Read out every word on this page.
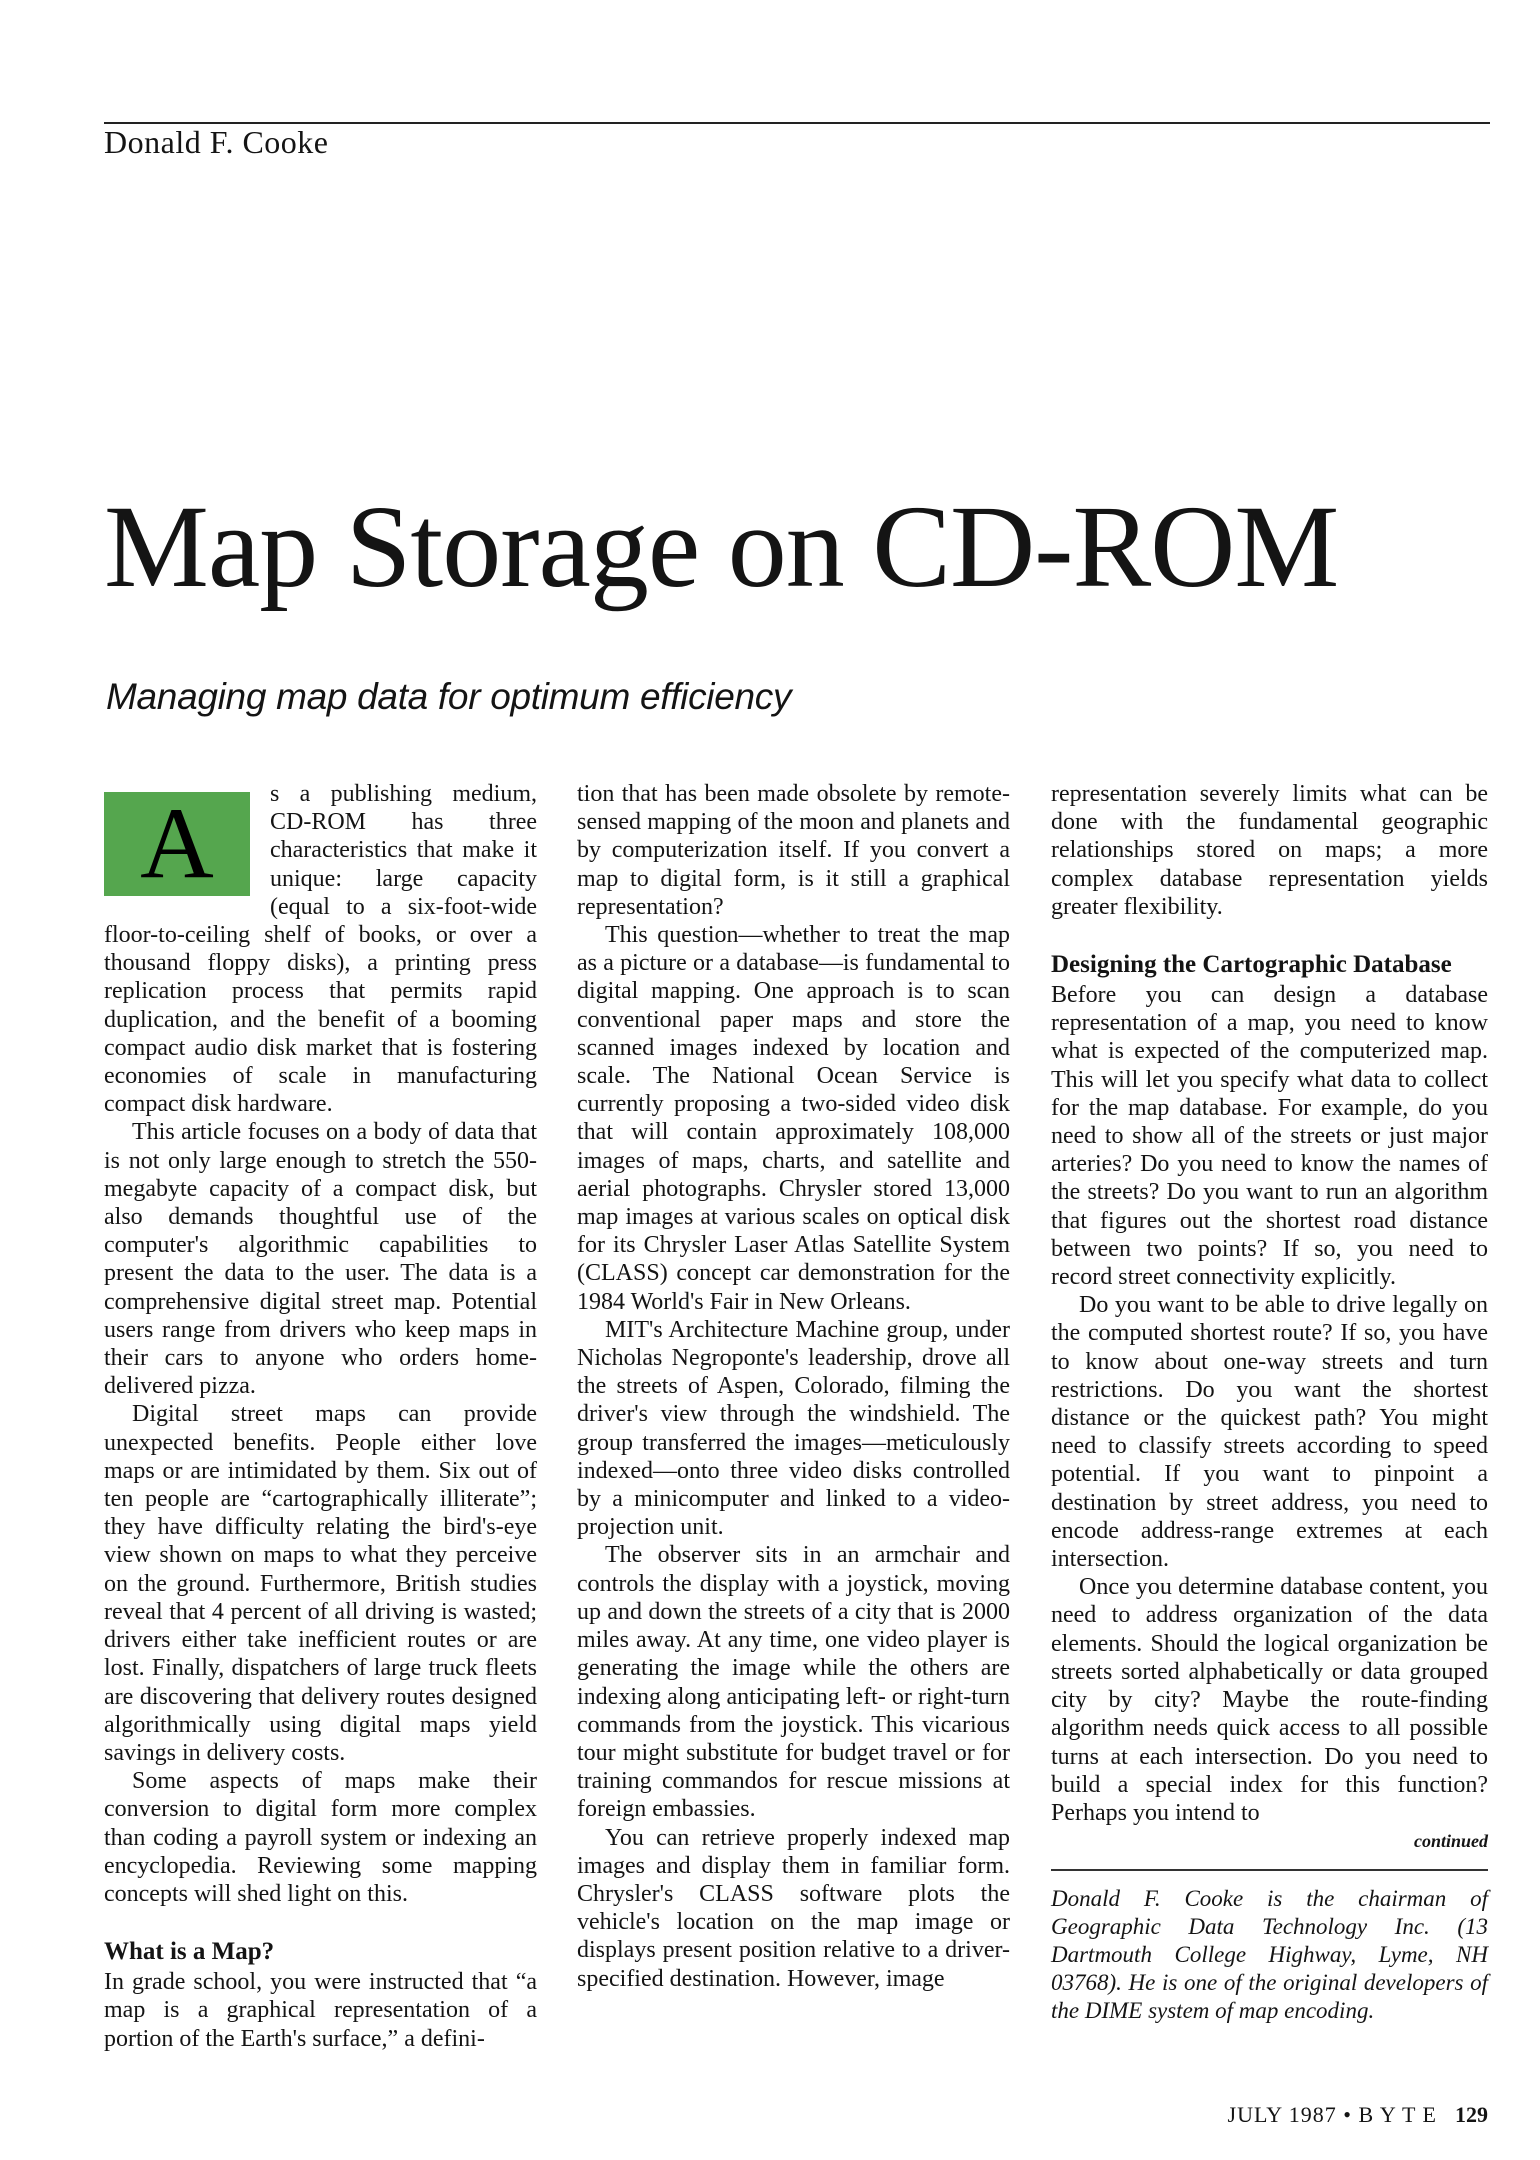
Donald F. Cooke
Map Storage on CD-ROM
Managing map data for optimum efficiency
A	s a publishing medium, CD-ROM has three characteristics that make it unique: large capacity (equal to a six-foot-wide floor-to-ceiling shelf of books, or over a thousand floppy disks), a printing press replication process that permits rapid duplication, and the benefit of a booming compact audio disk market that is fostering economies of scale in manufacturing compact disk hardware.

This article focuses on a body of data that is not only large enough to stretch the 550-megabyte capacity of a compact disk, but also demands thoughtful use of the computer's algorithmic capabilities to present the data to the user. The data is a comprehensive digital street map. Potential users range from drivers who keep maps in their cars to anyone who orders home-delivered pizza.

Digital street maps can provide unexpected benefits. People either love maps or are intimidated by them. Six out of ten people are “cartographically illiterate”; they have difficulty relating the bird's-eye view shown on maps to what they perceive on the ground. Furthermore, British studies reveal that 4 percent of all driving is wasted; drivers either take inefficient routes or are lost. Finally, dispatchers of large truck fleets are discovering that delivery routes designed algorithmically using digital maps yield savings in delivery costs.

Some aspects of maps make their conversion to digital form more complex than coding a payroll system or indexing an encyclopedia. Reviewing some mapping concepts will shed light on this.

What is a Map?

In grade school, you were instructed that “a map is a graphical representation of a portion of the Earth's surface,” a defini-

tion that has been made obsolete by remote-sensed mapping of the moon and planets and by computerization itself. If you convert a map to digital form, is it still a graphical representation?

This question—whether to treat the map as a picture or a database—is fundamental to digital mapping. One approach is to scan conventional paper maps and store the scanned images indexed by location and scale. The National Ocean Service is currently proposing a two-sided video disk that will contain approximately 108,000 images of maps, charts, and satellite and aerial photographs. Chrysler stored 13,000 map images at various scales on optical disk for its Chrysler Laser Atlas Satellite System (CLASS) concept car demonstration for the 1984 World's Fair in New Orleans.

MIT's Architecture Machine group, under Nicholas Negroponte's leadership, drove all the streets of Aspen, Colorado, filming the driver's view through the windshield. The group transferred the images—meticulously indexed—onto three video disks controlled by a minicomputer and linked to a video-projection unit.

The observer sits in an armchair and controls the display with a joystick, moving up and down the streets of a city that is 2000 miles away. At any time, one video player is generating the image while the others are indexing along anticipating left- or right-turn commands from the joystick. This vicarious tour might substitute for budget travel or for training commandos for rescue missions at foreign embassies.

You can retrieve properly indexed map images and display them in familiar form. Chrysler's CLASS software plots the vehicle's location on the map image or displays present position relative to a driver-specified destination. However, image

representation severely limits what can be done with the fundamental geographic relationships stored on maps; a more complex database representation yields greater flexibility.

Designing the Cartographic Database

Before you can design a database representation of a map, you need to know what is expected of the computerized map. This will let you specify what data to collect for the map database. For example, do you need to show all of the streets or just major arteries? Do you need to know the names of the streets? Do you want to run an algorithm that figures out the shortest road distance between two points? If so, you need to record street connectivity explicitly.

Do you want to be able to drive legally on the computed shortest route? If so, you have to know about one-way streets and turn restrictions. Do you want the shortest distance or the quickest path? You might need to classify streets according to speed potential. If you want to pinpoint a destination by street address, you need to encode address-range extremes at each intersection.

Once you determine database content, you need to address organization of the data elements. Should the logical organization be streets sorted alphabetically or data grouped city by city? Maybe the route-finding algorithm needs quick access to all possible turns at each intersection. Do you need to build a special index for this function? Perhaps you intend to

continued
Donald F. Cooke is the chairman of Geographic Data Technology Inc. (13 Dartmouth College Highway, Lyme, NH 03768). He is one of the original developers of the DIME system of map encoding.
JULY 1987 • B Y T E 129
